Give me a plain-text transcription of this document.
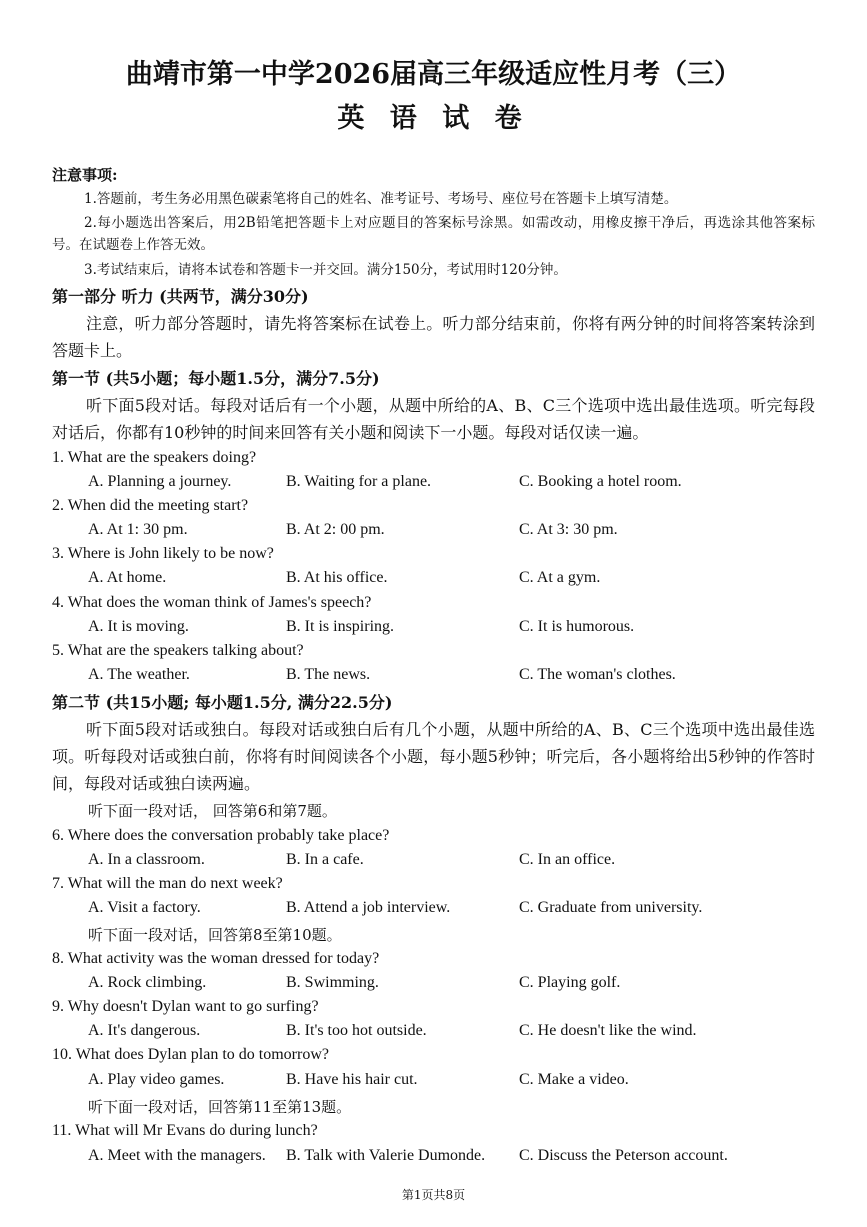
曲靖市第一中学2026届高三年级适应性月考（三）
英 语 试 卷
注意事项:
1.答题前，考生务必用黑色碳素笔将自己的姓名、准考证号、考场号、座位号在答题卡上填写清楚。
2.每小题选出答案后，用2B铅笔把答题卡上对应题目的答案标号涂黑。如需改动，用橡皮擦干净后，再选涂其他答案标号。在试题卷上作答无效。
3.考试结束后，请将本试卷和答题卡一并交回。满分150分，考试用时120分钟。
第一部分 听力 (共两节，满分30分)
注意，听力部分答题时，请先将答案标在试卷上。听力部分结束前，你将有两分钟的时间将答案转涂到答题卡上。
第一节 (共5小题；每小题1.5分，满分7.5分)
听下面5段对话。每段对话后有一个小题，从题中所给的A、B、C三个选项中选出最佳选项。听完每段对话后，你都有10秒钟的时间来回答有关小题和阅读下一小题。每段对话仅读一遍。
1. What are the speakers doing?
A. Planning a journey.	B. Waiting for a plane.	C. Booking a hotel room.
2. When did the meeting start?
A. At 1: 30 pm.	B. At 2: 00 pm.	C. At 3: 30 pm.
3. Where is John likely to be now?
A. At home.	B. At his office.	C. At a gym.
4. What does the woman think of James's speech?
A. It is moving.	B. It is inspiring.	C. It is humorous.
5. What are the speakers talking about?
A. The weather.	B. The news.	C. The woman's clothes.
第二节 (共15小题; 每小题1.5分, 满分22.5分)
听下面5段对话或独白。每段对话或独白后有几个小题，从题中所给的A、B、C三个选项中选出最佳选项。听每段对话或独白前，你将有时间阅读各个小题，每小题5秒钟；听完后，各小题将给出5秒钟的作答时间，每段对话或独白读两遍。
听下面一段对话， 回答第6和第7题。
6. Where does the conversation probably take place?
A. In a classroom.	B. In a cafe.	C. In an office.
7. What will the man do next week?
A. Visit a factory.	B. Attend a job interview.	C. Graduate from university.
听下面一段对话，回答第8至第10题。
8. What activity was the woman dressed for today?
A. Rock climbing.	B. Swimming.	C. Playing golf.
9. Why doesn't Dylan want to go surfing?
A. It's dangerous.	B. It's too hot outside.	C. He doesn't like the wind.
10. What does Dylan plan to do tomorrow?
A. Play video games.	B. Have his hair cut.	C. Make a video.
听下面一段对话，回答第11至第13题。
11. What will Mr Evans do during lunch?
A. Meet with the managers. B. Talk with Valerie Dumonde. C. Discuss the Peterson account.
第1页共8页
